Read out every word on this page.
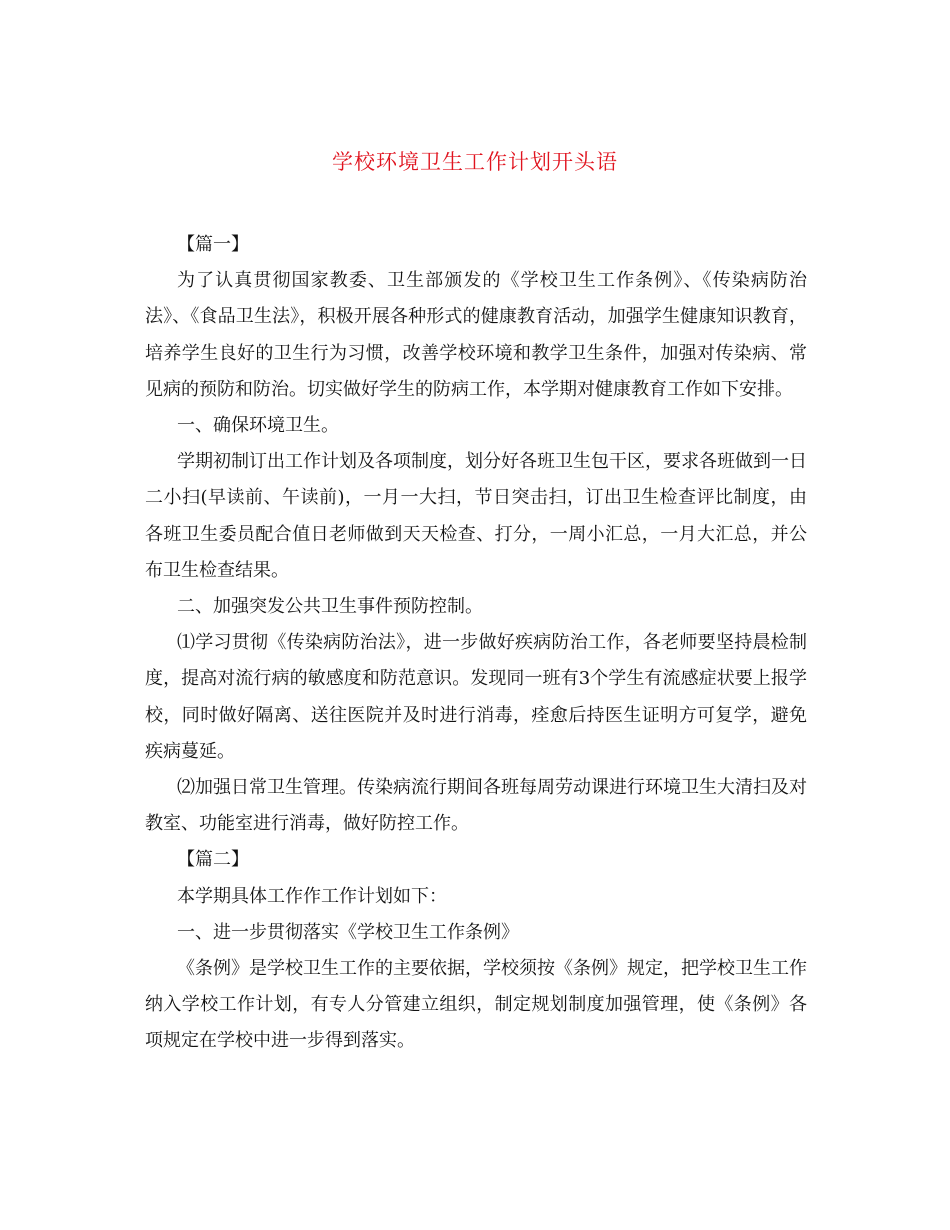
学校环境卫生工作计划开头语

【篇一】

为了认真贯彻国家教委、卫生部颁发的《学校卫生工作条例》、《传染病防治法》、《食品卫生法》，积极开展各种形式的健康教育活动，加强学生健康知识教育，培养学生良好的卫生行为习惯，改善学校环境和教学卫生条件，加强对传染病、常见病的预防和防治。切实做好学生的防病工作，本学期对健康教育工作如下安排。

一、确保环境卫生。

学期初制订出工作计划及各项制度，划分好各班卫生包干区，要求各班做到一日二小扫(早读前、午读前)，一月一大扫，节日突击扫，订出卫生检查评比制度，由各班卫生委员配合值日老师做到天天检查、打分，一周小汇总，一月大汇总，并公布卫生检查结果。

二、加强突发公共卫生事件预防控制。

⑴学习贯彻《传染病防治法》，进一步做好疾病防治工作，各老师要坚持晨检制度，提高对流行病的敏感度和防范意识。发现同一班有3个学生有流感症状要上报学校，同时做好隔离、送往医院并及时进行消毒，痊愈后持医生证明方可复学，避免疾病蔓延。

⑵加强日常卫生管理。传染病流行期间各班每周劳动课进行环境卫生大清扫及对教室、功能室进行消毒，做好防控工作。

【篇二】

本学期具体工作作工作计划如下：

一、进一步贯彻落实《学校卫生工作条例》

《条例》是学校卫生工作的主要依据，学校须按《条例》规定，把学校卫生工作纳入学校工作计划，有专人分管建立组织，制定规划制度加强管理，使《条例》各项规定在学校中进一步得到落实。
